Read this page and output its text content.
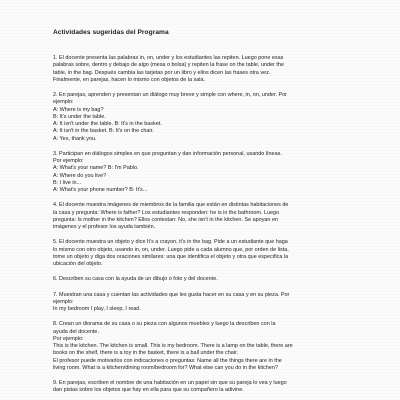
Actividades sugeridas del Programa
1. El docente presenta las palabras in, on, under y los estudiantes las repiten. Luego pone esas
palabras sobre, dentro y debajo de algo (mesa o bolsa) y repiten la frase on the table, under the
table, in the bag. Después cambia las tarjetas por un libro y ellos dicen las frases otra vez.
Finalmente, en parejas, hacen lo mismo con objetos de la sala.
2. En parejas, aprenden y presentan un diálogo muy breve y simple con where, in, on, under. Por
ejemplo:
A: Where is my bag?
B: It's under the table.
A: It isn't under the table. B: It's in the basket.
A: It isn't in the basket. B: It's on the chair.
A: Yes, thank you.
3. Participan en diálogos simples en que preguntan y dan información personal, usando líneas.
Por ejemplo:
A: What's your name? B: I'm Pablo.
A: Where do you live?
B: I live in...
A: What's your phone number? B: It's...
4. El docente muestra imágenes de miembros de la familia que están en distintas habitaciones de
la casa y pregunta: Where is father? Los estudiantes responden: he is in the bathroom. Luego
pregunta: Is mother in the kitchen? Ellos contestan: No, she isn't in the kitchen. Se apoyan en
imágenes y el profesor los ayuda también.
5. El docente muestra un objeto y dice It's a crayon, it's in the bag. Pide a un estudiante que haga
lo mismo con otro objeto, usando in, on, under. Luego pide a cada alumno que, por orden de lista,
tome un objeto y diga dos oraciones similares: una que identifica el objeto y otra que especifica la
ubicación del objeto.
6. Describen su casa con la ayuda de un dibujo o foto y del docente.
7. Muestran una casa y cuentan las actividades que les gusta hacer en su casa y en su pieza. Por
ejemplo:
In my bedroom I play, I sleep, I read.
8. Crean un diorama de su casa o su pieza con algunos muebles y luego la describen con la
ayuda del docente.
Por ejemplo:
This is the kitchen. The kitchen is small. This is my bedroom. There is a lamp on the table, there are
books on the shelf, there is a toy in the basket, there is a ball under the chair.
El profesor puede motivarlos con indicaciones o preguntas: Name all the things there are in the
living room. What is a kitchen/dining room/bedroom for? What else can you do in the kitchen?
9. En parejas, escriben el nombre de una habitación en un papel sin que su pareja lo vea y luego
dan pistas sobre los objetos que hay en ella para que su compañero la adivine.
